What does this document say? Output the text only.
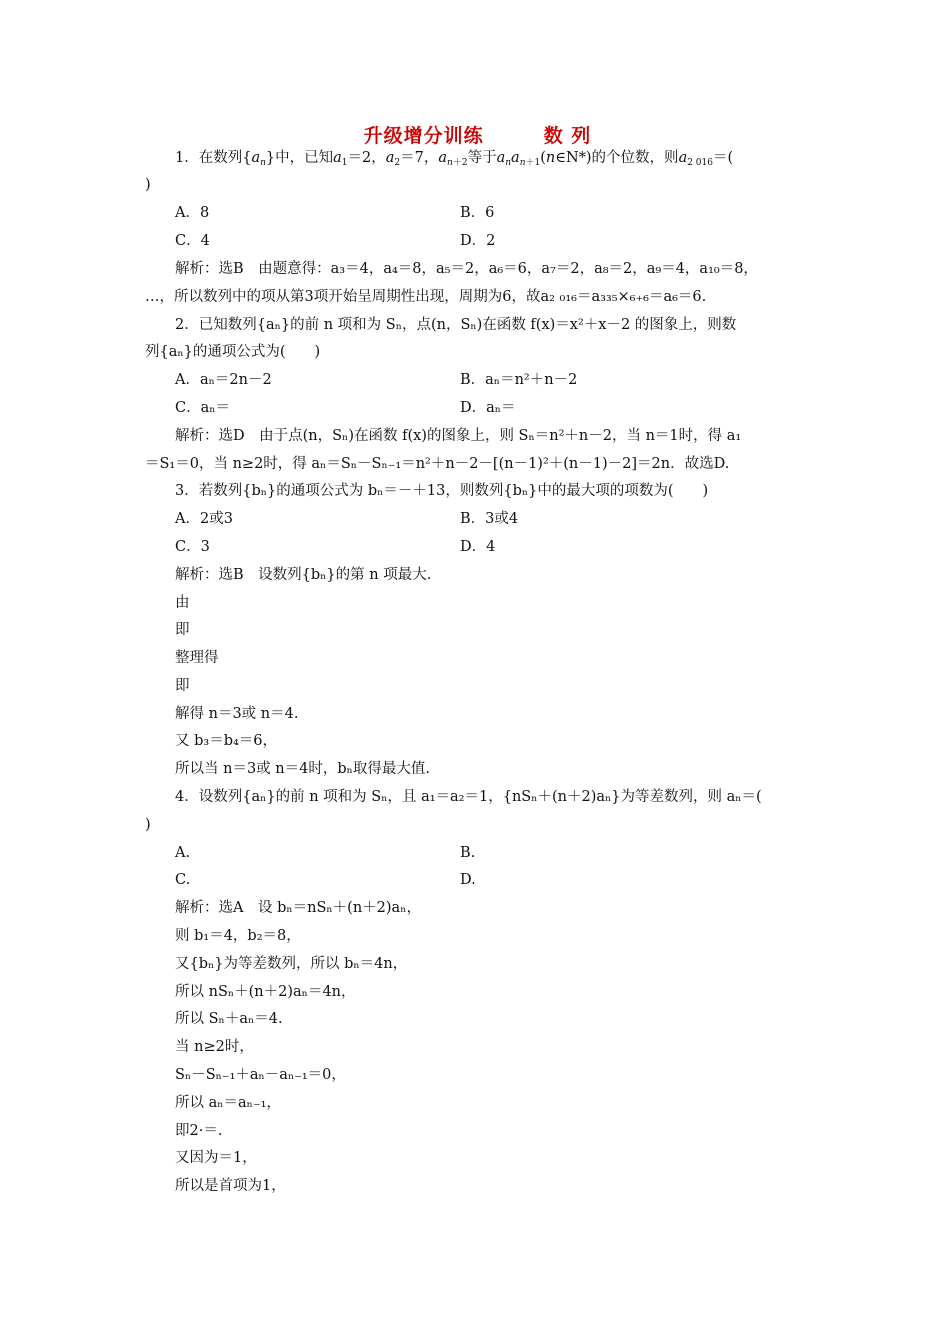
升级增分训练	数 列
1．在数列$\{a_n\}$中，已知$a_1=2$，$a_2=7$，$a_{n+2}$等于$a_na_{n+1}(n\in N*)$的个位数，则$a_{2 016}=$(
)
A．8	B．6
C．4	D．2
解析：选B　由题意得：a₃＝4，a₄＝8，a₅＝2，a₆＝6，a₇＝2，a₈＝2，a₉＝4，a₁₀＝8，
…，所以数列中的项从第3项开始呈周期性出现，周期为6，故a₂ ₀₁₆＝a₃₃₅×₆₊₆＝a₆＝6.
2．已知数列{aₙ}的前 n 项和为 Sₙ，点(n，Sₙ)在函数 f(x)＝x²＋x－2 的图象上，则数
列{aₙ}的通项公式为(　　)
A．aₙ＝2n－2	B．aₙ＝n²＋n－2
C．aₙ＝	D．aₙ＝
解析：选D　由于点(n，Sₙ)在函数 f(x)的图象上，则 Sₙ＝n²＋n－2，当 n＝1时，得 a₁
＝S₁＝0，当 n≥2时，得 aₙ＝Sₙ－Sₙ₋₁＝n²＋n－2－[(n－1)²＋(n－1)－2]＝2n．故选D.
3．若数列{bₙ}的通项公式为 bₙ＝－＋13，则数列{bₙ}中的最大项的项数为(　　)
A．2或3	B．3或4
C．3	D．4
解析：选B　设数列{bₙ}的第 n 项最大.
由
即
整理得
即
解得 n＝3或 n＝4.
又 b₃＝b₄＝6，
所以当 n＝3或 n＝4时，bₙ取得最大值.
4．设数列{aₙ}的前 n 项和为 Sₙ，且 a₁＝a₂＝1，{nSₙ＋(n＋2)aₙ}为等差数列，则 aₙ＝(
)
A.	B.
C.	D.
解析：选A　设 bₙ＝nSₙ＋(n＋2)aₙ，
则 b₁＝4，b₂＝8，
又{bₙ}为等差数列，所以 bₙ＝4n，
所以 nSₙ＋(n＋2)aₙ＝4n，
所以 Sₙ＋aₙ＝4.
当 n≥2时，
Sₙ－Sₙ₋₁＋aₙ－aₙ₋₁＝0，
所以 aₙ＝aₙ₋₁，
即2·＝.
又因为＝1，
所以是首项为1，
